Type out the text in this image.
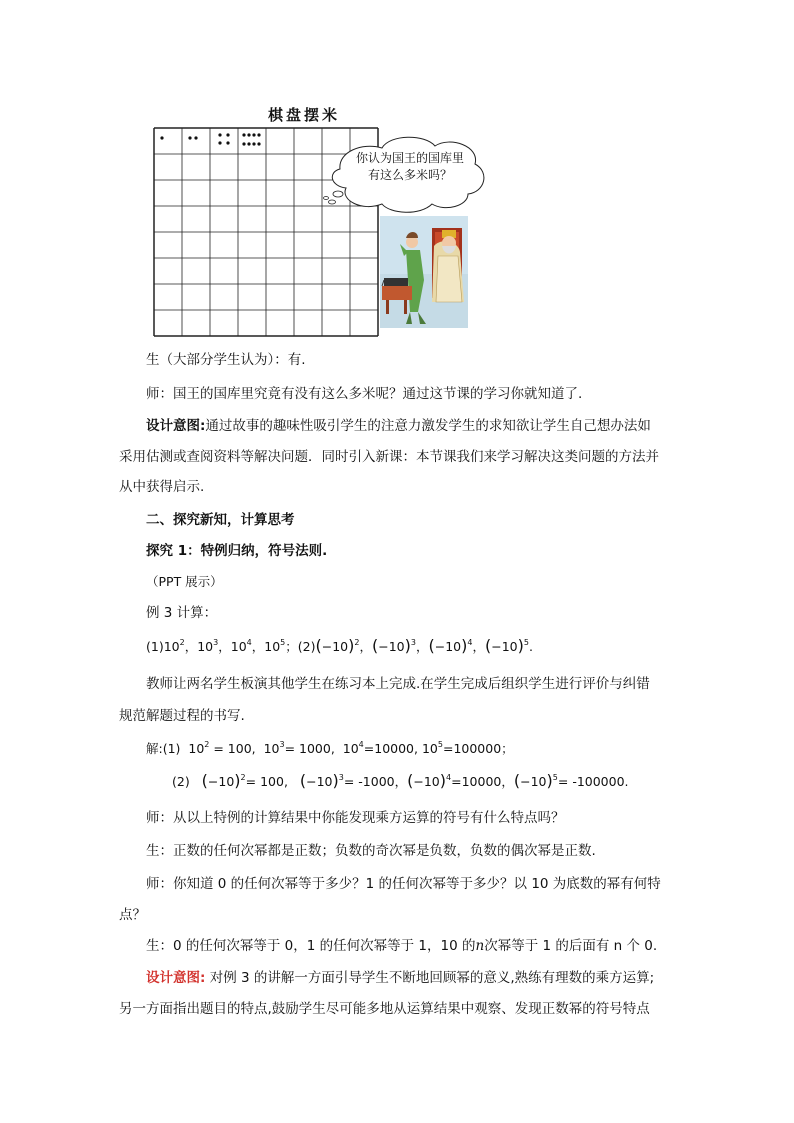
棋盘摆米
你认为国王的国库里有这么多米吗？
生（大部分学生认为）：有.
师：国王的国库里究竟有没有这么多米呢？通过这节课的学习你就知道了.
设计意图:通过故事的趣味性吸引学生的注意力激发学生的求知欲让学生自己想办法如
采用估测或查阅资料等解决问题．同时引入新课：本节课我们来学习解决这类问题的方法并
从中获得启示.
二、探究新知，计算思考
探究 1：特例归纳，符号法则.
（PPT 展示）
例 3 计算：
$(1)10^2$，$10^3$，$10^4$，$10^5$；$(2)(-10)^2$，$(-10)^3$，$(-10)^4$，$(-10)^5$.
教师让两名学生板演其他学生在练习本上完成.在学生完成后组织学生进行评价与纠错
规范解题过程的书写.
解:(1) $10^2 = 100$,  $10^3= 1000$,  $10^4=10000$, $10^5=100000$；
(2) $(-10)^2= 100$,   $(-10)^3= -1000$，$(-10)^4=10000$，$(-10)^5= -100000$.
师：从以上特例的计算结果中你能发现乘方运算的符号有什么特点吗？
生：正数的任何次幂都是正数；负数的奇次幂是负数，负数的偶次幂是正数.
师：你知道 0 的任何次幂等于多少？1 的任何次幂等于多少？以 10 为底数的幂有何特
点？
生：0 的任何次幂等于 0，1 的任何次幂等于 1，10 的n次幂等于 1 的后面有 n 个 0.
设计意图: 对例 3 的讲解一方面引导学生不断地回顾幂的意义,熟练有理数的乘方运算;
另一方面指出题目的特点,鼓励学生尽可能多地从运算结果中观察、发现正数幂的符号特点
